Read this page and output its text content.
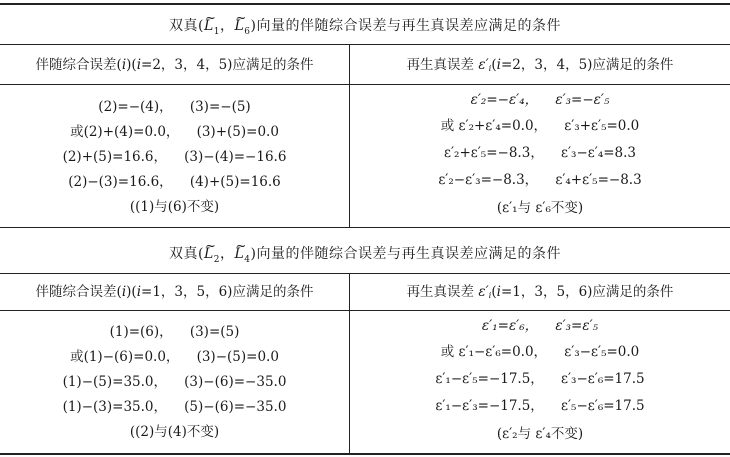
双真(~ $L_1$，~ $L_6$)向量的伴随综合误差与再生真误差应满足的条件
伴随综合误差(i)(i=2，3，4，5)应满足的条件	再生真误差 $\varepsilon'_i(i=2$，3，4，5)应满足的条件
(2)=−(4)，    (3)=−(5)
或(2)+(4)=0.0，    (3)+(5)=0.0
(2)+(5)=16.6，    (3)−(4)=−16.6
(2)−(3)=16.6，    (4)+(5)=16.6
((1)与(6)不变)
ε′₂=−ε′₄，    ε′₃=−ε′₅
或 ε′₂+ε′₄=0.0，    ε′₃+ε′₅=0.0
ε′₂+ε′₅=−8.3，    ε′₃−ε′₄=8.3
ε′₂−ε′₃=−8.3，    ε′₄+ε′₅=−8.3
(ε′₁与 ε′₆不变)
双真(~ $L_2$，~ $L_4$)向量的伴随综合误差与再生真误差应满足的条件
伴随综合误差(i)(i=1，3，5，6)应满足的条件	再生真误差 $\varepsilon'_i(i=1$，3，5，6)应满足的条件
(1)=(6)，    (3)=(5)
或(1)−(6)=0.0，    (3)−(5)=0.0
(1)−(5)=35.0，    (3)−(6)=−35.0
(1)−(3)=35.0，    (5)−(6)=−35.0
((2)与(4)不变)
ε′₁=ε′₆，    ε′₃=ε′₅
或 ε′₁−ε′₆=0.0，    ε′₃−ε′₅=0.0
ε′₁−ε′₅=−17.5，    ε′₃−ε′₆=17.5
ε′₁−ε′₃=−17.5，    ε′₅−ε′₆=17.5
(ε′₂与 ε′₄不变)
